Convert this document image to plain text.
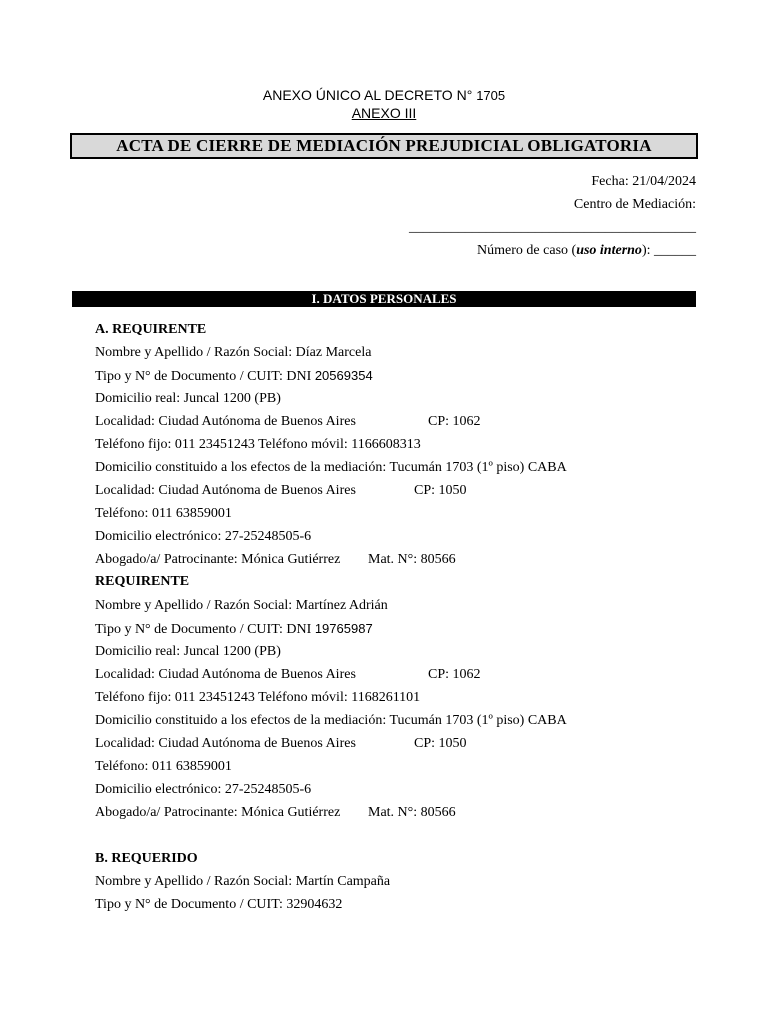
ANEXO ÚNICO AL DECRETO N° 1705
ANEXO III
ACTA DE CIERRE DE MEDIACIÓN PREJUDICIAL OBLIGATORIA
Fecha: 21/04/2024
Centro de Mediación:
_________________________________________
Número de caso (uso interno): ______
I. DATOS PERSONALES
A. REQUIRENTE
Nombre y Apellido / Razón Social: Díaz Marcela
Tipo y N° de Documento / CUIT: DNI 20569354
Domicilio real: Juncal 1200 (PB)
Localidad: Ciudad Autónoma de Buenos Aires	CP: 1062
Teléfono fijo: 011 23451243 Teléfono móvil: 1166608313
Domicilio constituido a los efectos de la mediación: Tucumán 1703 (1º piso) CABA
Localidad: Ciudad Autónoma de Buenos Aires	CP: 1050
Teléfono: 011 63859001
Domicilio electrónico: 27-25248505-6
Abogado/a/ Patrocinante: Mónica Gutiérrez Mat. N°: 80566
REQUIRENTE
Nombre y Apellido / Razón Social: Martínez Adrián
Tipo y N° de Documento / CUIT: DNI 19765987
Domicilio real: Juncal 1200 (PB)
Localidad: Ciudad Autónoma de Buenos Aires	CP: 1062
Teléfono fijo: 011 23451243 Teléfono móvil: 1168261101
Domicilio constituido a los efectos de la mediación: Tucumán 1703 (1º piso) CABA
Localidad: Ciudad Autónoma de Buenos Aires	CP: 1050
Teléfono: 011 63859001
Domicilio electrónico: 27-25248505-6
Abogado/a/ Patrocinante: Mónica Gutiérrez Mat. N°: 80566
B. REQUERIDO
Nombre y Apellido / Razón Social: Martín Campaña
Tipo y N° de Documento / CUIT: 32904632
